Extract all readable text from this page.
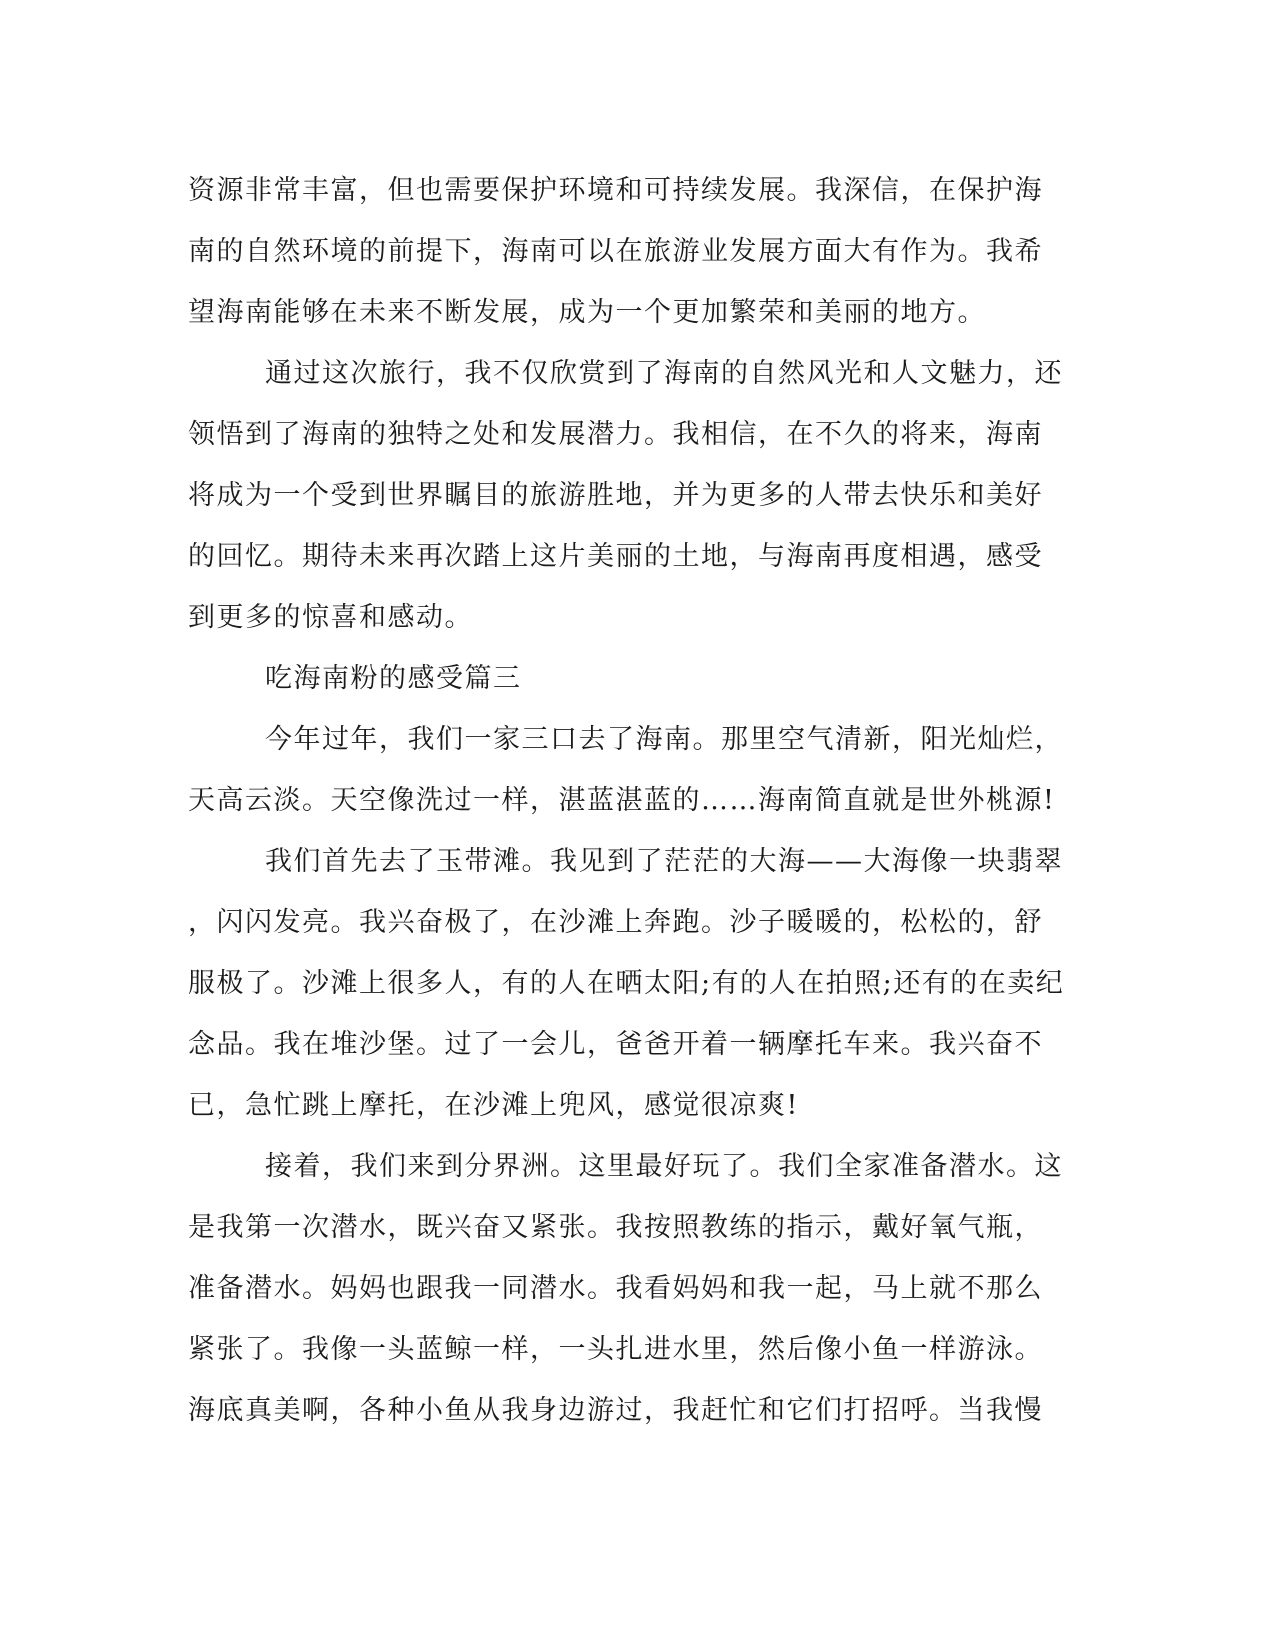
资源非常丰富，但也需要保护环境和可持续发展。我深信，在保护海
南的自然环境的前提下，海南可以在旅游业发展方面大有作为。我希
望海南能够在未来不断发展，成为一个更加繁荣和美丽的地方。
通过这次旅行，我不仅欣赏到了海南的自然风光和人文魅力，还
领悟到了海南的独特之处和发展潜力。我相信，在不久的将来，海南
将成为一个受到世界瞩目的旅游胜地，并为更多的人带去快乐和美好
的回忆。期待未来再次踏上这片美丽的土地，与海南再度相遇，感受
到更多的惊喜和感动。
吃海南粉的感受篇三
今年过年，我们一家三口去了海南。那里空气清新，阳光灿烂，
天高云淡。天空像洗过一样，湛蓝湛蓝的……海南简直就是世外桃源!
我们首先去了玉带滩。我见到了茫茫的大海——大海像一块翡翠
，闪闪发亮。我兴奋极了，在沙滩上奔跑。沙子暖暖的，松松的，舒
服极了。沙滩上很多人，有的人在晒太阳;有的人在拍照;还有的在卖纪
念品。我在堆沙堡。过了一会儿，爸爸开着一辆摩托车来。我兴奋不
已，急忙跳上摩托，在沙滩上兜风，感觉很凉爽!
接着，我们来到分界洲。这里最好玩了。我们全家准备潜水。这
是我第一次潜水，既兴奋又紧张。我按照教练的指示，戴好氧气瓶，
准备潜水。妈妈也跟我一同潜水。我看妈妈和我一起，马上就不那么
紧张了。我像一头蓝鲸一样，一头扎进水里，然后像小鱼一样游泳。
海底真美啊，各种小鱼从我身边游过，我赶忙和它们打招呼。当我慢
